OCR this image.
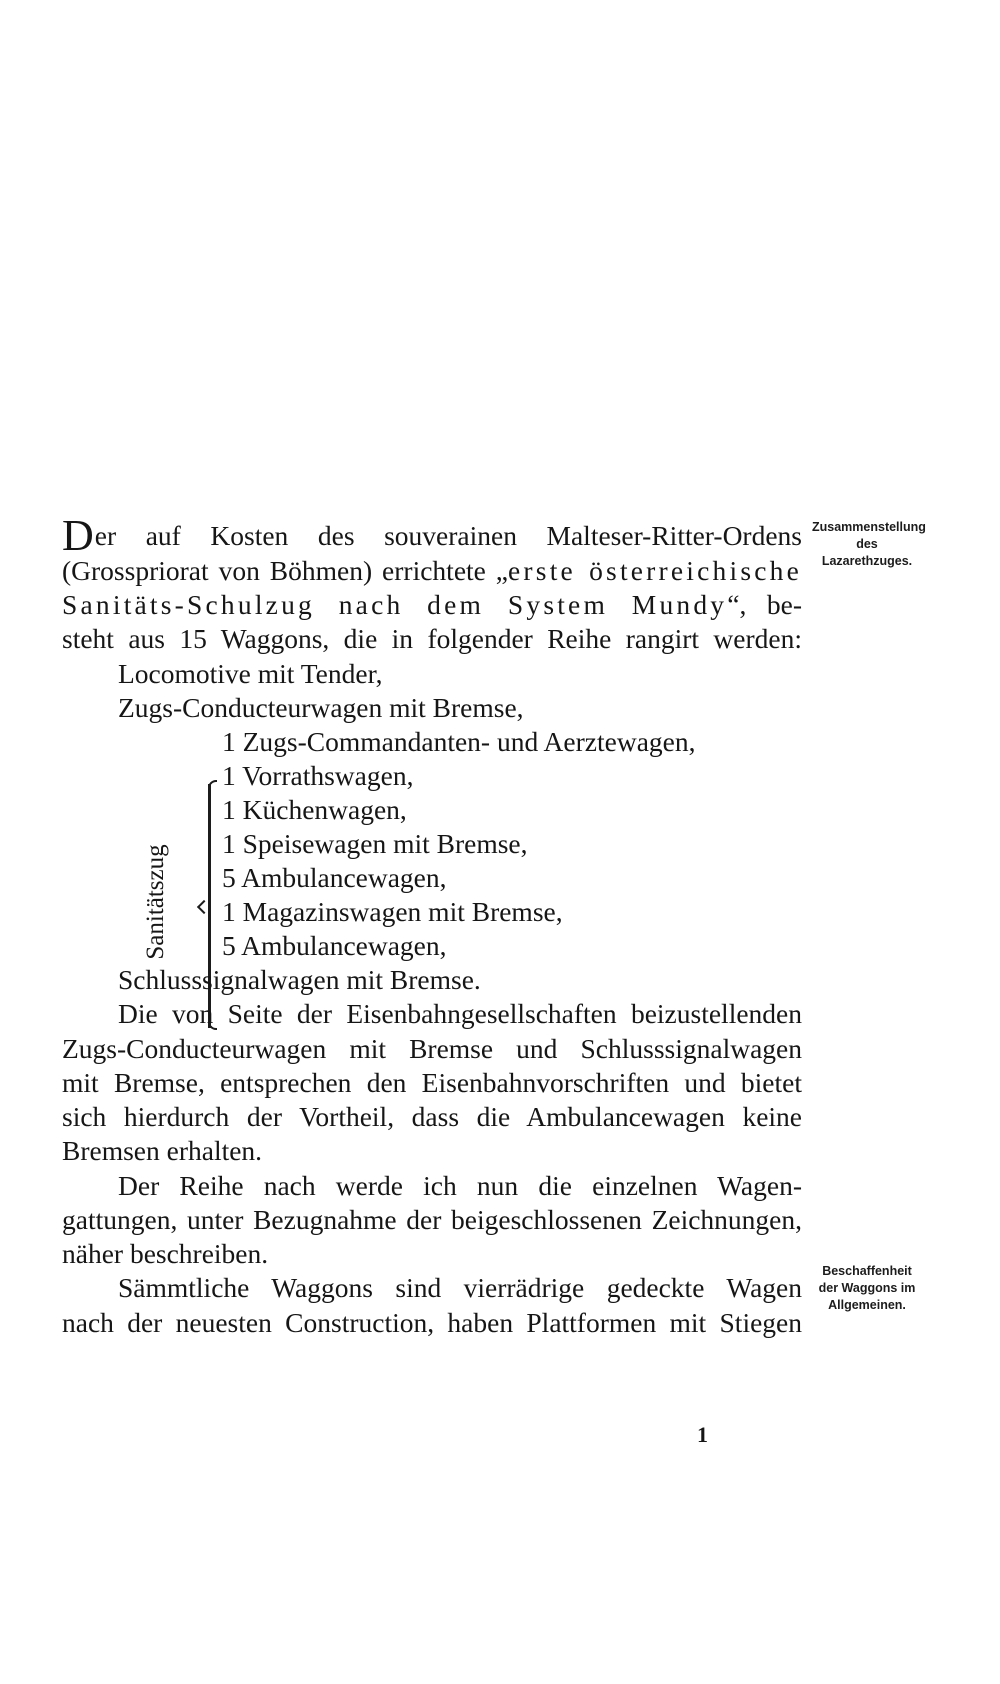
Zusammenstellung des Lazarethzuges.
Beschaffenheit der Waggons im Allgemeinen.
Der auf Kosten des souverainen Malteser-Ritter-Ordens
(Grosspriorat von Böhmen) errichtete „erste österreichische
Sanitäts-Schulzug nach dem System Mundy“, be-
steht aus 15 Waggons, die in folgender Reihe rangirt werden:
Locomotive mit Tender,
Zugs-Conducteurwagen mit Bremse,
Sanitätszug
1 Zugs-Commandanten- und Aerztewagen,
1 Vorrathswagen,
1 Küchenwagen,
1 Speisewagen mit Bremse,
5 Ambulancewagen,
1 Magazinswagen mit Bremse,
5 Ambulancewagen,
Schlusssignalwagen mit Bremse.
Die von Seite der Eisenbahngesellschaften beizustellenden
Zugs-Conducteurwagen mit Bremse und Schlusssignalwagen
mit Bremse, entsprechen den Eisenbahnvorschriften und bietet
sich hierdurch der Vortheil, dass die Ambulancewagen keine
Bremsen erhalten.
Der Reihe nach werde ich nun die einzelnen Wagen-
gattungen, unter Bezugnahme der beigeschlossenen Zeichnungen,
näher beschreiben.
Sämmtliche Waggons sind vierrädrige gedeckte Wagen
nach der neuesten Construction, haben Plattformen mit Stiegen
1
